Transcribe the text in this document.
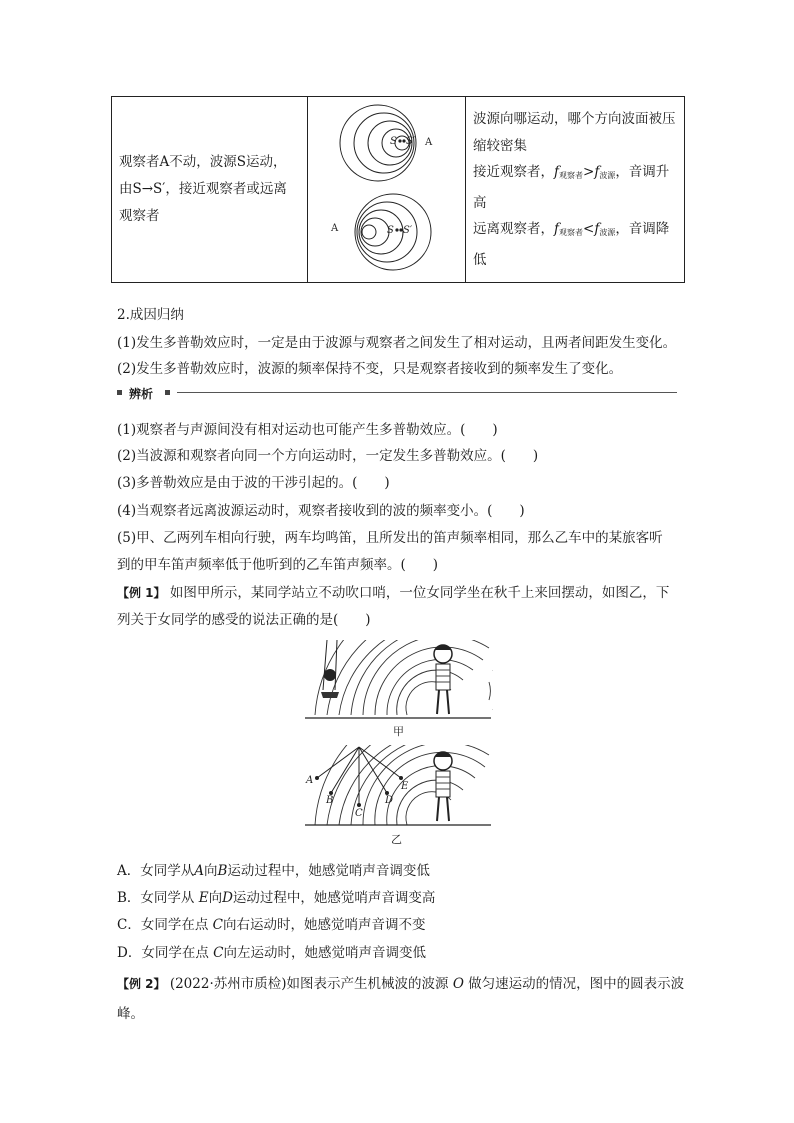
观察者A不动，波源S运动，
由S→S′，接近观察者或远离
观察者

S S′
S S′
A
A

波源向哪运动，哪个方向波面被压
缩较密集
接近观察者，$f_{观察者}>f_{波源}$，音调升
高
远离观察者，$f_{观察者}<f_{波源}$，音调降
低
2.成因归纳
(1)发生多普勒效应时，一定是由于波源与观察者之间发生了相对运动，且两者间距发生变化。
(2)发生多普勒效应时，波源的频率保持不变，只是观察者接收到的频率发生了变化。
辨析
(1)观察者与声源间没有相对运动也可能产生多普勒效应。(　　)
(2)当波源和观察者向同一个方向运动时，一定发生多普勒效应。(　　)
(3)多普勒效应是由于波的干涉引起的。(　　)
(4)当观察者远离波源运动时，观察者接收到的波的频率变小。(　　)
(5)甲、乙两列车相向行驶，两车均鸣笛，且所发出的笛声频率相同，那么乙车中的某旅客听
到的甲车笛声频率低于他听到的乙车笛声频率。(　　)
【例 1】 如图甲所示，某同学站立不动吹口哨，一位女同学坐在秋千上来回摆动，如图乙，下
列关于女同学的感受的说法正确的是(　　)
甲
A
B
C
D
E
乙
A．女同学从A向B运动过程中，她感觉哨声音调变低
B．女同学从 E向D运动过程中，她感觉哨声音调变高
C．女同学在点 C向右运动时，她感觉哨声音调不变
D．女同学在点 C向左运动时，她感觉哨声音调变低
【例 2】 (2022·苏州市质检)如图表示产生机械波的波源 O 做匀速运动的情况，图中的圆表示波
峰。
